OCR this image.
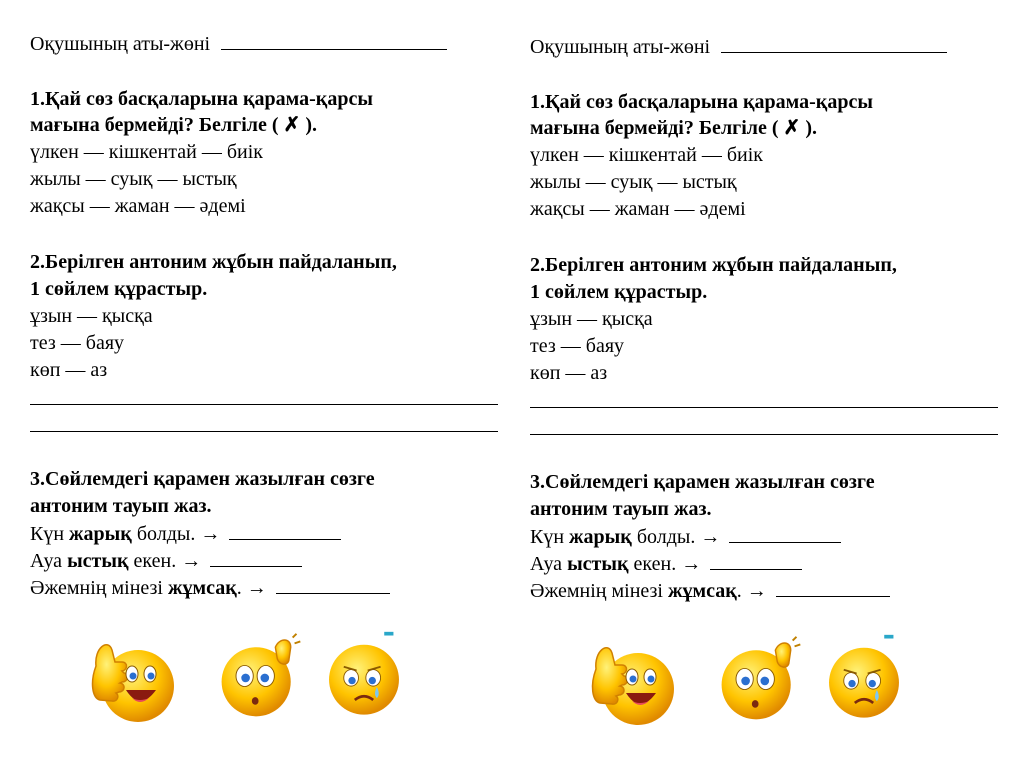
Оқушының аты-жөні
1.Қай сөз басқаларына қарама-қарсы
мағына бермейді? Белгіле ( ✗ ).
үлкен — кішкентай — биік
жылы — суық — ыстық
жақсы — жаман — әдемі
2.Берілген антоним жұбын пайдаланып,
1 сөйлем құрастыр.
ұзын — қысқа
тез — баяу
көп — аз
3.Сөйлемдегі қарамен жазылған сөзге
антоним тауып жаз.
Күн жарық болды. →
Ауа ыстық екен. →
Әжемнің мінезі жұмсақ. →
Оқушының аты-жөні
1.Қай сөз басқаларына қарама-қарсы
мағына бермейді? Белгіле ( ✗ ).
үлкен — кішкентай — биік
жылы — суық — ыстық
жақсы — жаман — әдемі
2.Берілген антоним жұбын пайдаланып,
1 сөйлем құрастыр.
ұзын — қысқа
тез — баяу
көп — аз
3.Сөйлемдегі қарамен жазылған сөзге
антоним тауып жаз.
Күн жарық болды. →
Ауа ыстық екен. →
Әжемнің мінезі жұмсақ. →
